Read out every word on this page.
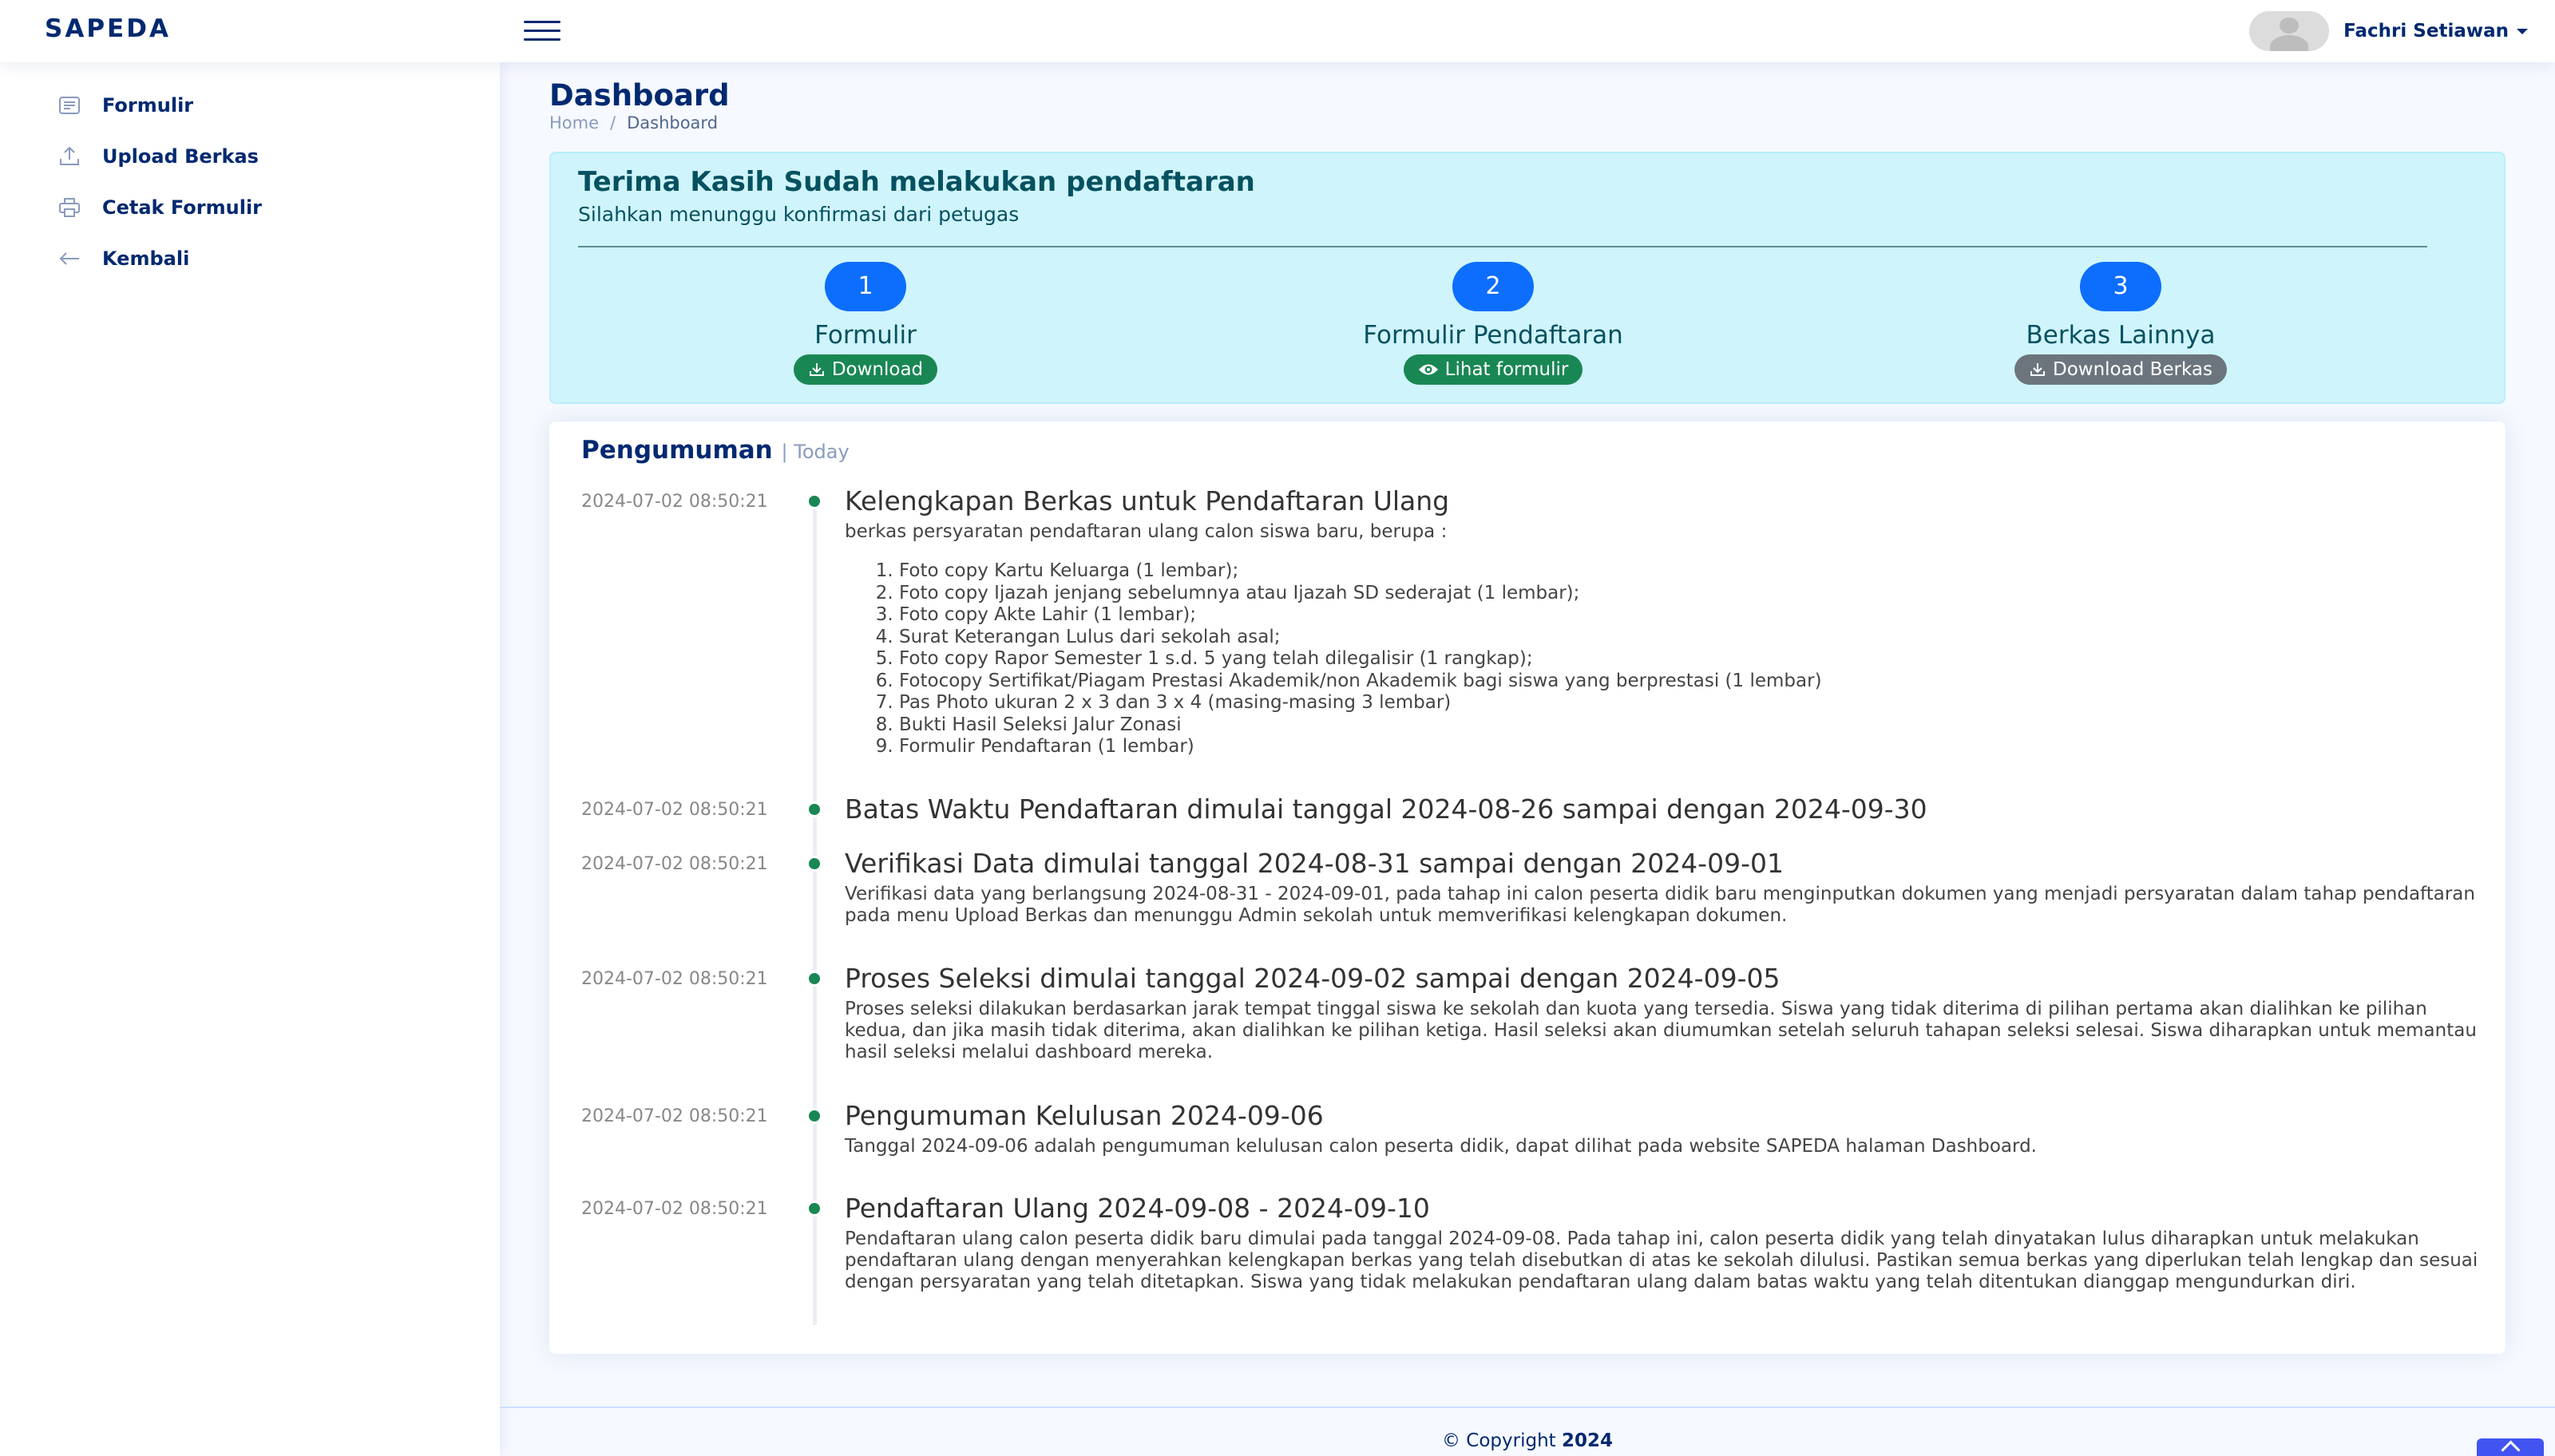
SAPEDA	Fachri Setiawan
Formulir
Upload Berkas
Cetak Formulir
Kembali
Dashboard
Home / Dashboard
Terima Kasih Sudah melakukan pendaftaran
Silahkan menunggu konfirmasi dari petugas
1
Formulir
Download
2
Formulir Pendaftaran
Lihat formulir
3
Berkas Lainnya
Download Berkas
Pengumuman | Today
2024-07-02 08:50:21	Kelengkapan Berkas untuk Pendaftaran Ulang
berkas persyaratan pendaftaran ulang calon siswa baru, berupa :
1. Foto copy Kartu Keluarga (1 lembar);
2. Foto copy Ijazah jenjang sebelumnya atau Ijazah SD sederajat (1 lembar);
3. Foto copy Akte Lahir (1 lembar);
4. Surat Keterangan Lulus dari sekolah asal;
5. Foto copy Rapor Semester 1 s.d. 5 yang telah dilegalisir (1 rangkap);
6. Fotocopy Sertifikat/Piagam Prestasi Akademik/non Akademik bagi siswa yang berprestasi (1 lembar)
7. Pas Photo ukuran 2 x 3 dan 3 x 4 (masing-masing 3 lembar)
8. Bukti Hasil Seleksi Jalur Zonasi
9. Formulir Pendaftaran (1 lembar)
2024-07-02 08:50:21	Batas Waktu Pendaftaran dimulai tanggal 2024-08-26 sampai dengan 2024-09-30
2024-07-02 08:50:21	Verifikasi Data dimulai tanggal 2024-08-31 sampai dengan 2024-09-01
Verifikasi data yang berlangsung 2024-08-31 - 2024-09-01, pada tahap ini calon peserta didik baru menginputkan dokumen yang menjadi persyaratan dalam tahap pendaftaran pada menu Upload Berkas dan menunggu Admin sekolah untuk memverifikasi kelengkapan dokumen.
2024-07-02 08:50:21	Proses Seleksi dimulai tanggal 2024-09-02 sampai dengan 2024-09-05
Proses seleksi dilakukan berdasarkan jarak tempat tinggal siswa ke sekolah dan kuota yang tersedia. Siswa yang tidak diterima di pilihan pertama akan dialihkan ke pilihan kedua, dan jika masih tidak diterima, akan dialihkan ke pilihan ketiga. Hasil seleksi akan diumumkan setelah seluruh tahapan seleksi selesai. Siswa diharapkan untuk memantau hasil seleksi melalui dashboard mereka.
2024-07-02 08:50:21	Pengumuman Kelulusan 2024-09-06
Tanggal 2024-09-06 adalah pengumuman kelulusan calon peserta didik, dapat dilihat pada website SAPEDA halaman Dashboard.
2024-07-02 08:50:21	Pendaftaran Ulang 2024-09-08 - 2024-09-10
Pendaftaran ulang calon peserta didik baru dimulai pada tanggal 2024-09-08. Pada tahap ini, calon peserta didik yang telah dinyatakan lulus diharapkan untuk melakukan pendaftaran ulang dengan menyerahkan kelengkapan berkas yang telah disebutkan di atas ke sekolah dilulusi. Pastikan semua berkas yang diperlukan telah lengkap dan sesuai dengan persyaratan yang telah ditetapkan. Siswa yang tidak melakukan pendaftaran ulang dalam batas waktu yang telah ditentukan dianggap mengundurkan diri.
© Copyright 2024
